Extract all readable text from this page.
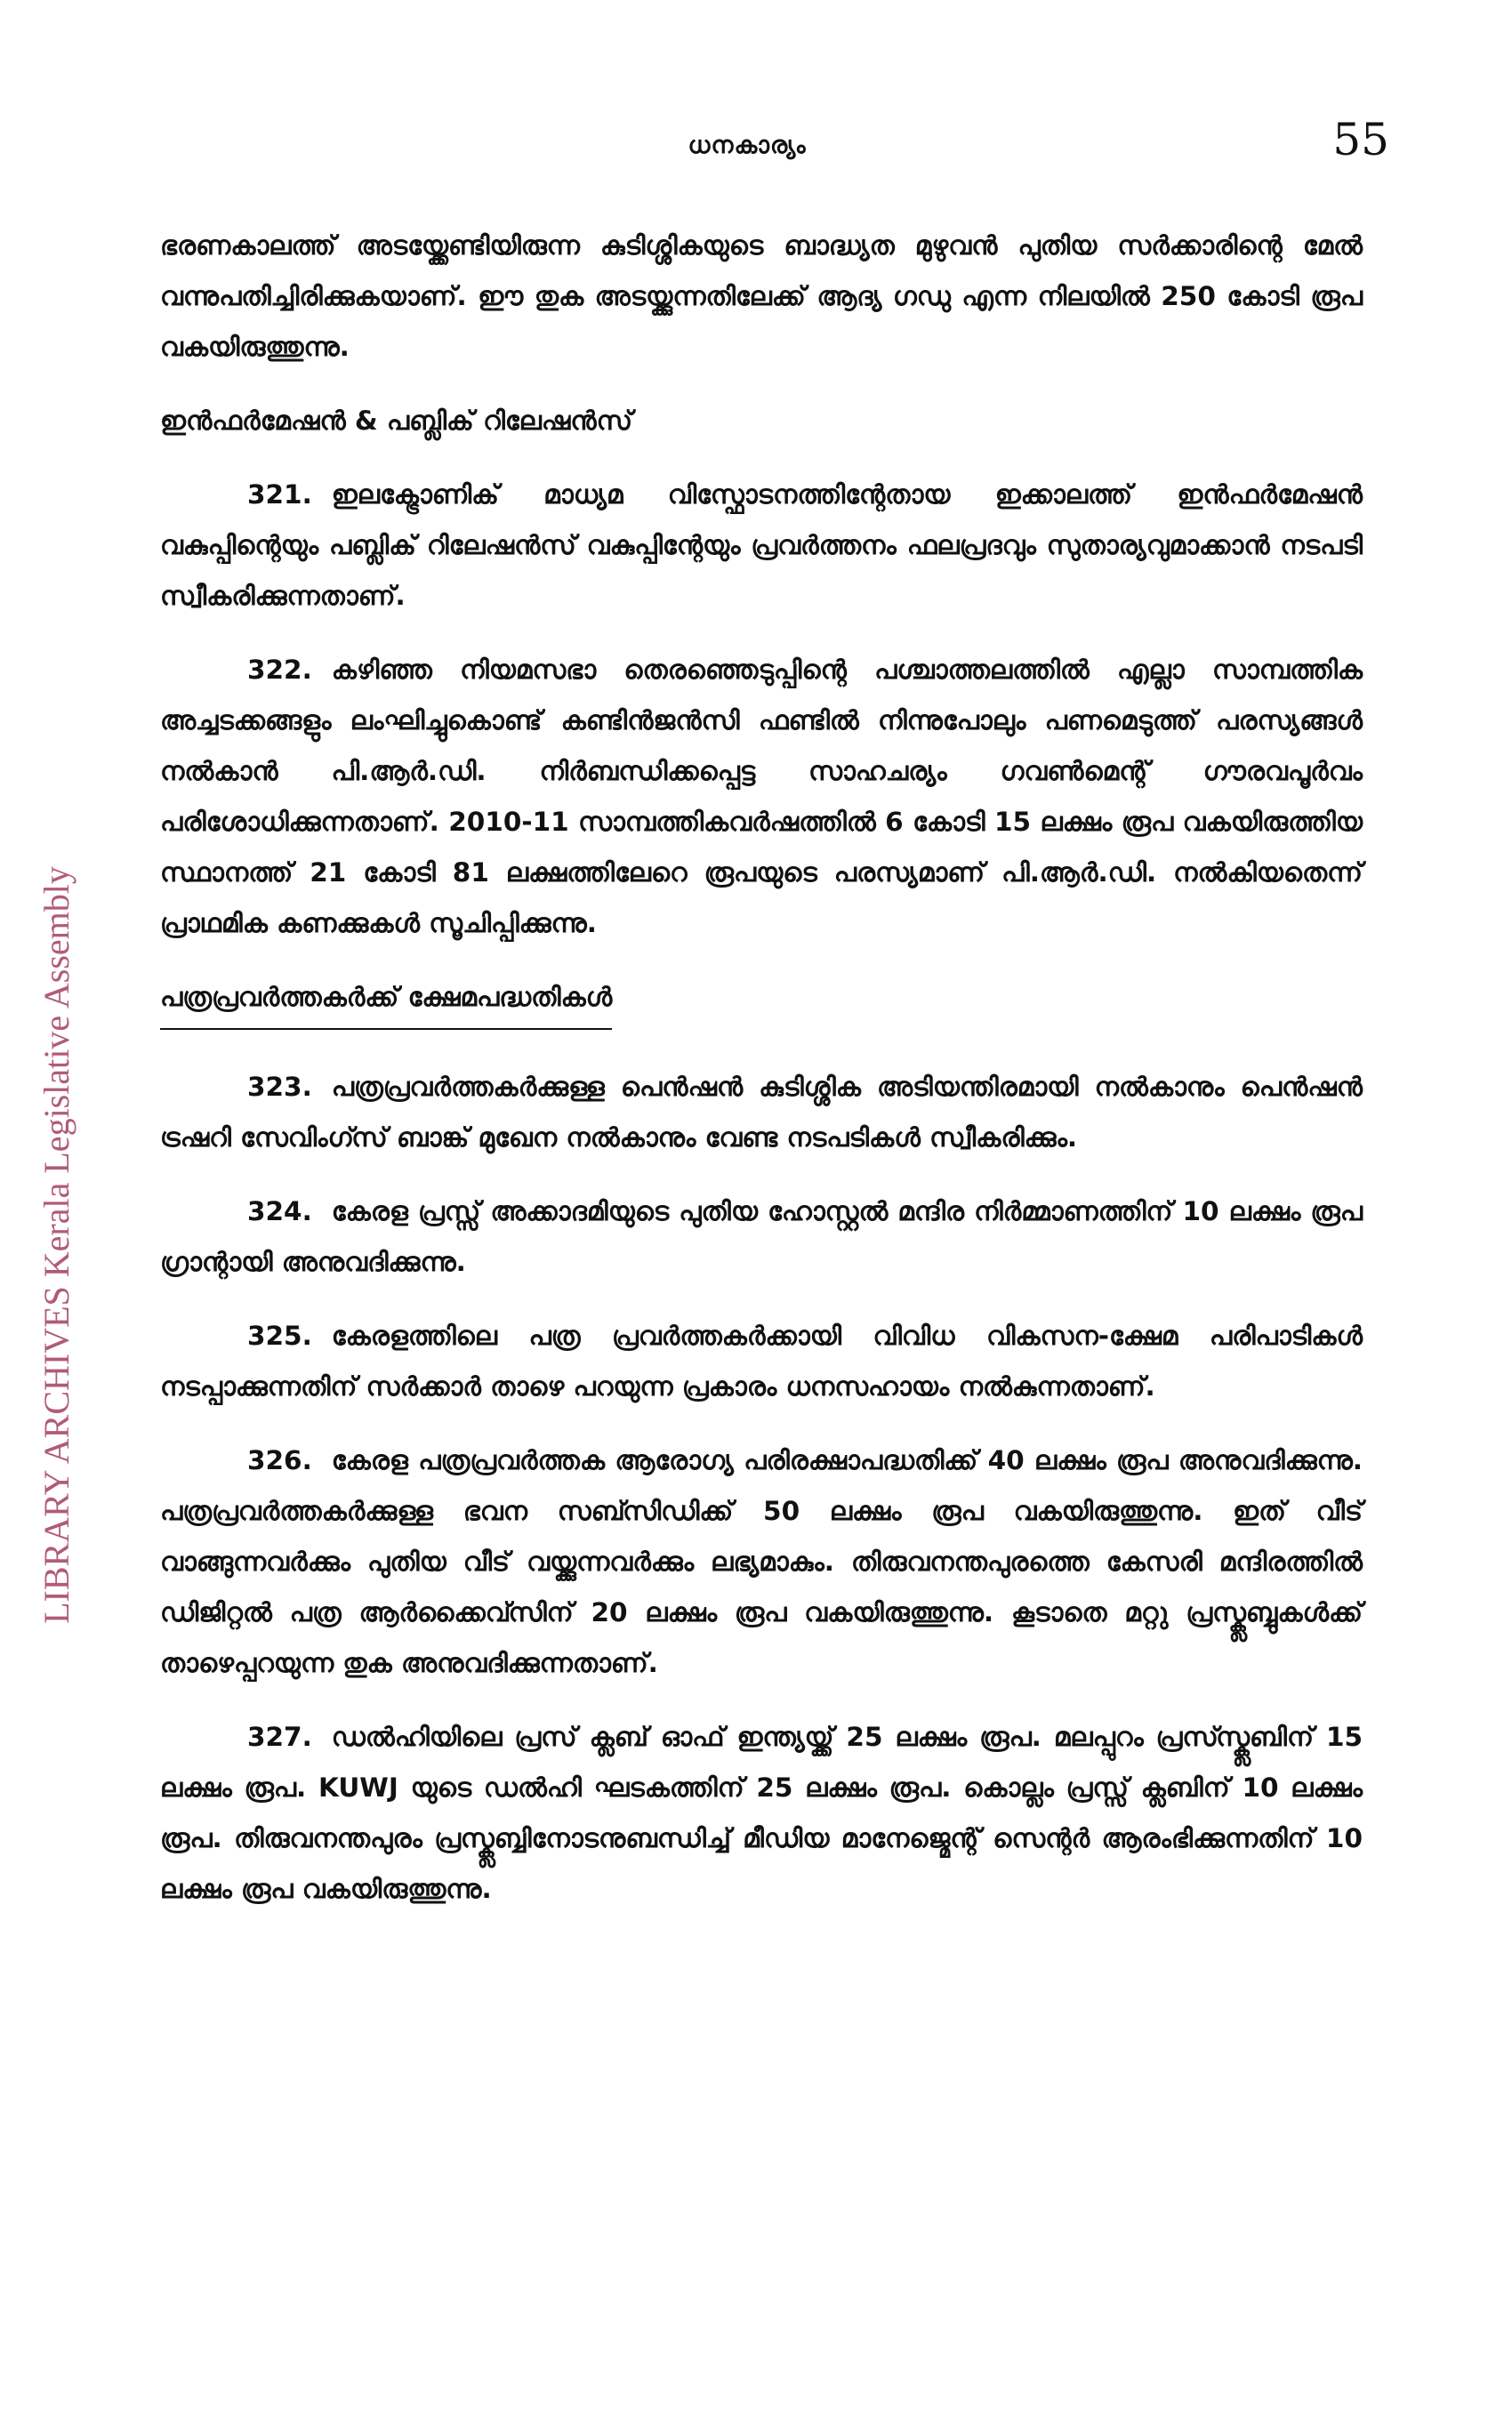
ധനകാര്യം	55
LIBRARY ARCHIVES Kerala Legislative Assembly

ഭരണകാലത്ത് അടയ്ക്കേണ്ടിയിരുന്ന കുടിശ്ശികയുടെ ബാദ്ധ്യത മുഴുവൻ പുതിയ സർക്കാരിന്റെ മേൽ വന്നുപതിച്ചിരിക്കുകയാണ്. ഈ തുക അടയ്ക്കുന്നതിലേക്ക് ആദ്യ ഗഡു എന്ന നിലയിൽ 250 കോടി രൂപ വകയിരുത്തുന്നു.

ഇൻഫർമേഷൻ & പബ്ലിക് റിലേഷൻസ്

321. ഇലക്ട്രോണിക് മാധ്യമ വിസ്ഫോടനത്തിന്റേതായ ഇക്കാലത്ത് ഇൻഫർമേഷൻ വകുപ്പിന്റെയും പബ്ലിക് റിലേഷൻസ് വകുപ്പിന്റേയും പ്രവർത്തനം ഫലപ്രദവും സുതാര്യവുമാക്കാൻ നടപടി സ്വീകരിക്കുന്നതാണ്.

322. കഴിഞ്ഞ നിയമസഭാ തെരഞ്ഞെടുപ്പിന്റെ പശ്ചാത്തലത്തിൽ എല്ലാ സാമ്പത്തിക അച്ചടക്കങ്ങളും ലംഘിച്ചുകൊണ്ട് കണ്ടിൻജൻസി ഫണ്ടിൽ നിന്നുപോലും പണമെടുത്ത് പരസ്യങ്ങൾ നൽകാൻ പി.ആർ.ഡി. നിർബന്ധിക്കപ്പെട്ട സാഹചര്യം ഗവൺമെന്റ് ഗൗരവപൂർവം പരിശോധിക്കുന്നതാണ്. 2010-11 സാമ്പത്തികവർഷത്തിൽ 6 കോടി 15 ലക്ഷം രൂപ വകയിരുത്തിയ സ്ഥാനത്ത് 21 കോടി 81 ലക്ഷത്തിലേറെ രൂപയുടെ പരസ്യമാണ് പി.ആർ.ഡി. നൽകിയതെന്ന് പ്രാഥമിക കണക്കുകൾ സൂചിപ്പിക്കുന്നു.

പത്രപ്രവർത്തകർക്ക് ക്ഷേമപദ്ധതികൾ

323. പത്രപ്രവർത്തകർക്കുള്ള പെൻഷൻ കുടിശ്ശിക അടിയന്തിരമായി നൽകാനും പെൻഷൻ ട്രഷറി സേവിംഗ്സ് ബാങ്ക് മുഖേന നൽകാനും വേണ്ട നടപടികൾ സ്വീകരിക്കും.

324. കേരള പ്രസ്സ് അക്കാദമിയുടെ പുതിയ ഹോസ്റ്റൽ മന്ദിര നിർമ്മാണത്തിന് 10 ലക്ഷം രൂപ ഗ്രാന്റായി അനുവദിക്കുന്നു.

325. കേരളത്തിലെ പത്ര പ്രവർത്തകർക്കായി വിവിധ വികസന-ക്ഷേമ പരിപാടികൾ നടപ്പാക്കുന്നതിന് സർക്കാർ താഴെ പറയുന്ന പ്രകാരം ധനസഹായം നൽകുന്നതാണ്.

326. കേരള പത്രപ്രവർത്തക ആരോഗ്യ പരിരക്ഷാപദ്ധതിക്ക് 40 ലക്ഷം രൂപ അനുവദിക്കുന്നു. പത്രപ്രവർത്തകർക്കുള്ള ഭവന സബ്സിഡിക്ക് 50 ലക്ഷം രൂപ വകയിരുത്തുന്നു. ഇത് വീട് വാങ്ങുന്നവർക്കും പുതിയ വീട് വയ്ക്കുന്നവർക്കും ലഭ്യമാകും. തിരുവനന്തപുരത്തെ കേസരി മന്ദിരത്തിൽ ഡിജിറ്റൽ പത്ര ആർക്കൈവ്സിന് 20 ലക്ഷം രൂപ വകയിരുത്തുന്നു. കൂടാതെ മറ്റു പ്രസ്ക്ലബ്ബുകൾക്ക് താഴെപ്പറയുന്ന തുക അനുവദിക്കുന്നതാണ്.

327. ഡൽഹിയിലെ പ്രസ് ക്ലബ് ഓഫ് ഇന്ത്യയ്ക്ക് 25 ലക്ഷം രൂപ. മലപ്പുറം പ്രസ്സ്ക്ലബിന് 15 ലക്ഷം രൂപ. KUWJ യുടെ ഡൽഹി ഘടകത്തിന് 25 ലക്ഷം രൂപ. കൊല്ലം പ്രസ്സ് ക്ലബിന് 10 ലക്ഷം രൂപ. തിരുവനന്തപുരം പ്രസ്ക്ലബ്ബിനോടനുബന്ധിച്ച് മീഡിയ മാനേജ്മെന്റ് സെന്റർ ആരംഭിക്കുന്നതിന് 10 ലക്ഷം രൂപ വകയിരുത്തുന്നു.
